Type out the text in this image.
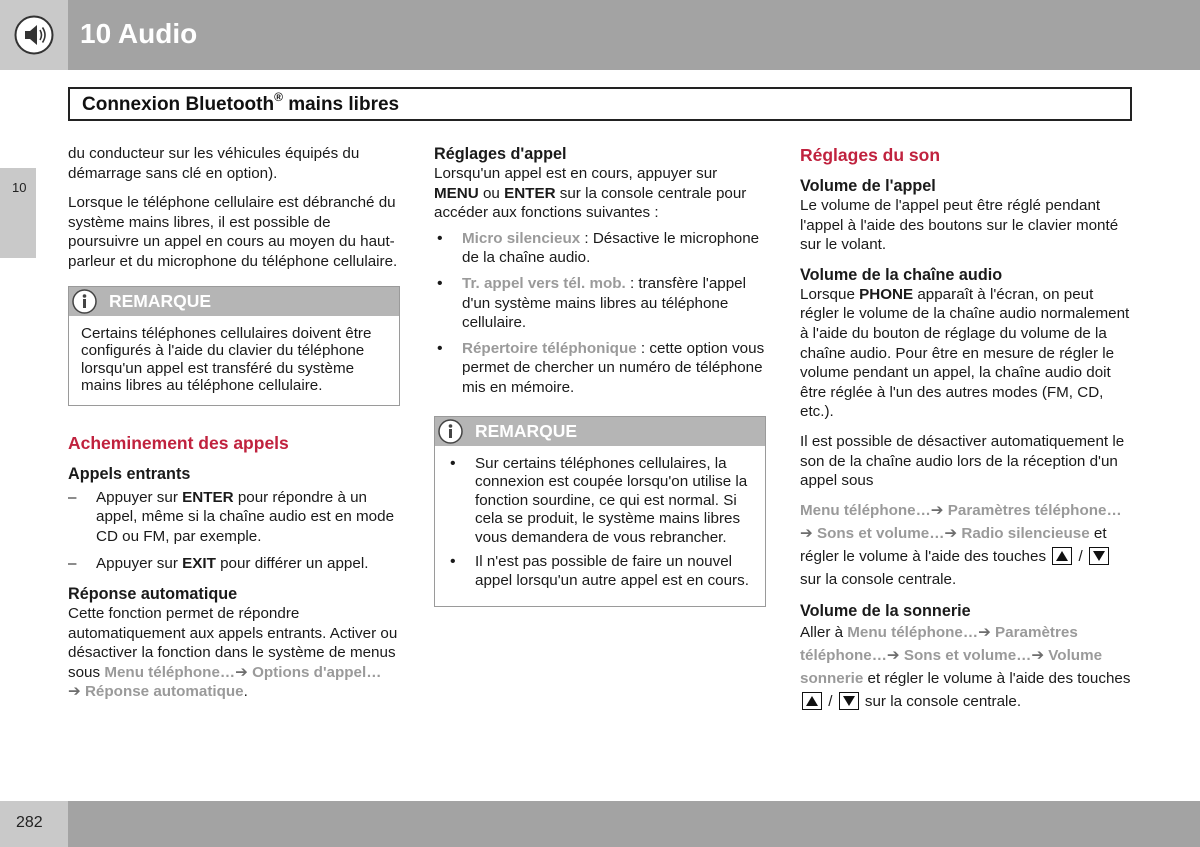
10 Audio
Connexion Bluetooth® mains libres
10

du conducteur sur les véhicules équipés du démarrage sans clé en option).

Lorsque le téléphone cellulaire est débranché du système mains libres, il est possible de poursuivre un appel en cours au moyen du haut-parleur et du microphone du téléphone cellulaire.

REMARQUE
Certains téléphones cellulaires doivent être configurés à l'aide du clavier du téléphone lorsqu'un appel est transféré du système mains libres au téléphone cellulaire.
Acheminement des appels
Appels entrants
– Appuyer sur ENTER pour répondre à un appel, même si la chaîne audio est en mode CD ou FM, par exemple.
– Appuyer sur EXIT pour différer un appel.
Réponse automatique

Cette fonction permet de répondre automatiquement aux appels entrants. Activer ou désactiver la fonction dans le système de menus sous Menu téléphone…➔ Options d'appel…➔ Réponse automatique.

Réglages d'appel

Lorsqu'un appel est en cours, appuyer sur MENU ou ENTER sur la console centrale pour accéder aux fonctions suivantes :

• Micro silencieux : Désactive le microphone de la chaîne audio.
• Tr. appel vers tél. mob. : transfère l'appel d'un système mains libres au téléphone cellulaire.
• Répertoire téléphonique : cette option vous permet de chercher un numéro de téléphone mis en mémoire.
REMARQUE
• Sur certains téléphones cellulaires, la connexion est coupée lorsqu'on utilise la fonction sourdine, ce qui est normal. Si cela se produit, le système mains libres vous demandera de vous rebrancher.
• Il n'est pas possible de faire un nouvel appel lorsqu'un autre appel est en cours.
Réglages du son
Volume de l'appel

Le volume de l'appel peut être réglé pendant l'appel à l'aide des boutons sur le clavier monté sur le volant.

Volume de la chaîne audio

Lorsque PHONE apparaît à l'écran, on peut régler le volume de la chaîne audio normalement à l'aide du bouton de réglage du volume de la chaîne audio. Pour être en mesure de régler le volume pendant un appel, la chaîne audio doit être réglée à l'un des autres modes (FM, CD, etc.).

Il est possible de désactiver automatiquement le son de la chaîne audio lors de la réception d'un appel sous

Menu téléphone…➔ Paramètres téléphone…➔ Sons et volume…➔ Radio silencieuse et régler le volume à l'aide des touches
/
sur la console centrale.

Volume de la sonnerie

Aller à Menu téléphone…➔ Paramètres téléphone…➔ Sons et volume…➔ Volume sonnerie et régler le volume à l'aide des touches
/
sur la console centrale.

282
